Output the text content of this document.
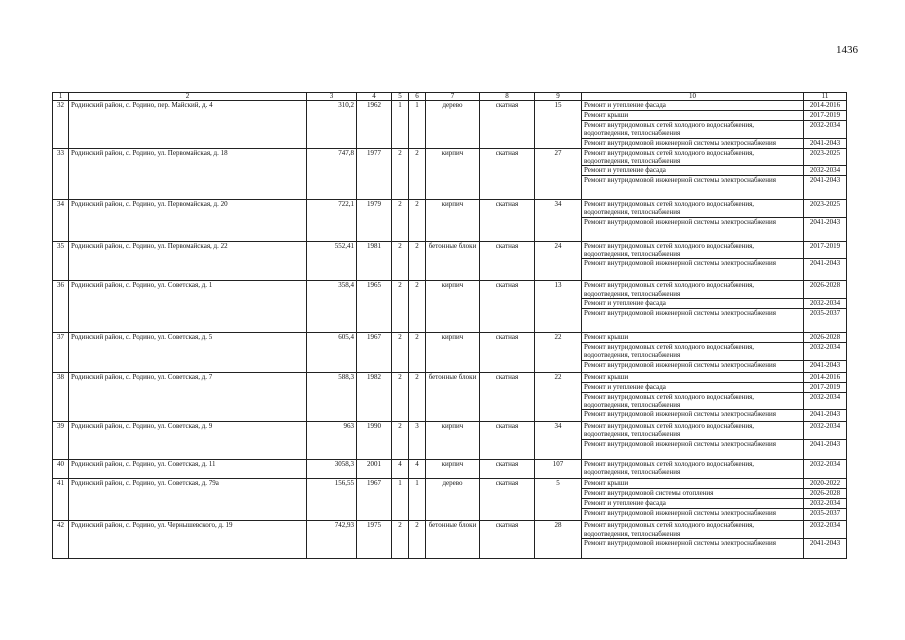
1436
1	2	3	4	5	6	7	8	9	10	11
32	Родинский район, с. Родино, пер. Майский, д. 4	310,2	1962	1	1	дерево	скатная	15	Ремонт и утепление фасада	2014-2016
									Ремонт крыши	2017-2019
									Ремонт внутридомовых сетей холодного водоснабжения, водоотведения, теплоснабжения	2032-2034
									Ремонт внутридомовой инженерной системы электроснабжения	2041-2043
33	Родинский район, с. Родино, ул. Первомайская, д. 18	747,8	1977	2	2	кирпич	скатная	27	Ремонт внутридомовых сетей холодного водоснабжения, водоотведения, теплоснабжения	2023-2025
									Ремонт и утепление фасада	2032-2034
									Ремонт внутридомовой инженерной системы электроснабжения	2041-2043
34	Родинский район, с. Родино, ул. Первомайская, д. 20	722,1	1979	2	2	кирпич	скатная	34	Ремонт внутридомовых сетей холодного водоснабжения, водоотведения, теплоснабжения	2023-2025
									Ремонт внутридомовой инженерной системы электроснабжения	2041-2043
35	Родинский район, с. Родино, ул. Первомайская, д. 22	552,41	1981	2	2	бетонные блоки	скатная	24	Ремонт внутридомовых сетей холодного водоснабжения, водоотведения, теплоснабжения	2017-2019
									Ремонт внутридомовой инженерной системы электроснабжения	2041-2043
36	Родинский район, с. Родино, ул. Советская, д. 1	358,4	1965	2	2	кирпич	скатная	13	Ремонт внутридомовых сетей холодного водоснабжения, водоотведения, теплоснабжения	2026-2028
									Ремонт и утепление фасада	2032-2034
									Ремонт внутридомовой инженерной системы электроснабжения	2035-2037
37	Родинский район, с. Родино, ул. Советская, д. 5	605,4	1967	2	2	кирпич	скатная	22	Ремонт крыши	2026-2028
									Ремонт внутридомовых сетей холодного водоснабжения, водоотведения, теплоснабжения	2032-2034
									Ремонт внутридомовой инженерной системы электроснабжения	2041-2043
38	Родинский район, с. Родино, ул. Советская, д. 7	588,3	1982	2	2	бетонные блоки	скатная	22	Ремонт крыши	2014-2016
									Ремонт и утепление фасада	2017-2019
									Ремонт внутридомовых сетей холодного водоснабжения, водоотведения, теплоснабжения	2032-2034
									Ремонт внутридомовой инженерной системы электроснабжения	2041-2043
39	Родинский район, с. Родино, ул. Советская, д. 9	963	1990	2	3	кирпич	скатная	34	Ремонт внутридомовых сетей холодного водоснабжения, водоотведения, теплоснабжения	2032-2034
									Ремонт внутридомовой инженерной системы электроснабжения	2041-2043
40	Родинский район, с. Родино, ул. Советская, д. 11	3058,3	2001	4	4	кирпич	скатная	107	Ремонт внутридомовых сетей холодного водоснабжения, водоотведения, теплоснабжения	2032-2034
41	Родинский район, с. Родино, ул. Советская, д. 79а	156,55	1967	1	1	дерево	скатная	5	Ремонт крыши	2020-2022
									Ремонт внутридомовой системы отопления	2026-2028
									Ремонт и утепление фасада	2032-2034
									Ремонт внутридомовой инженерной системы электроснабжения	2035-2037
42	Родинский район, с. Родино, ул. Чернышевского, д. 19	742,93	1975	2	2	бетонные блоки	скатная	28	Ремонт внутридомовых сетей холодного водоснабжения, водоотведения, теплоснабжения	2032-2034
									Ремонт внутридомовой инженерной системы электроснабжения	2041-2043
